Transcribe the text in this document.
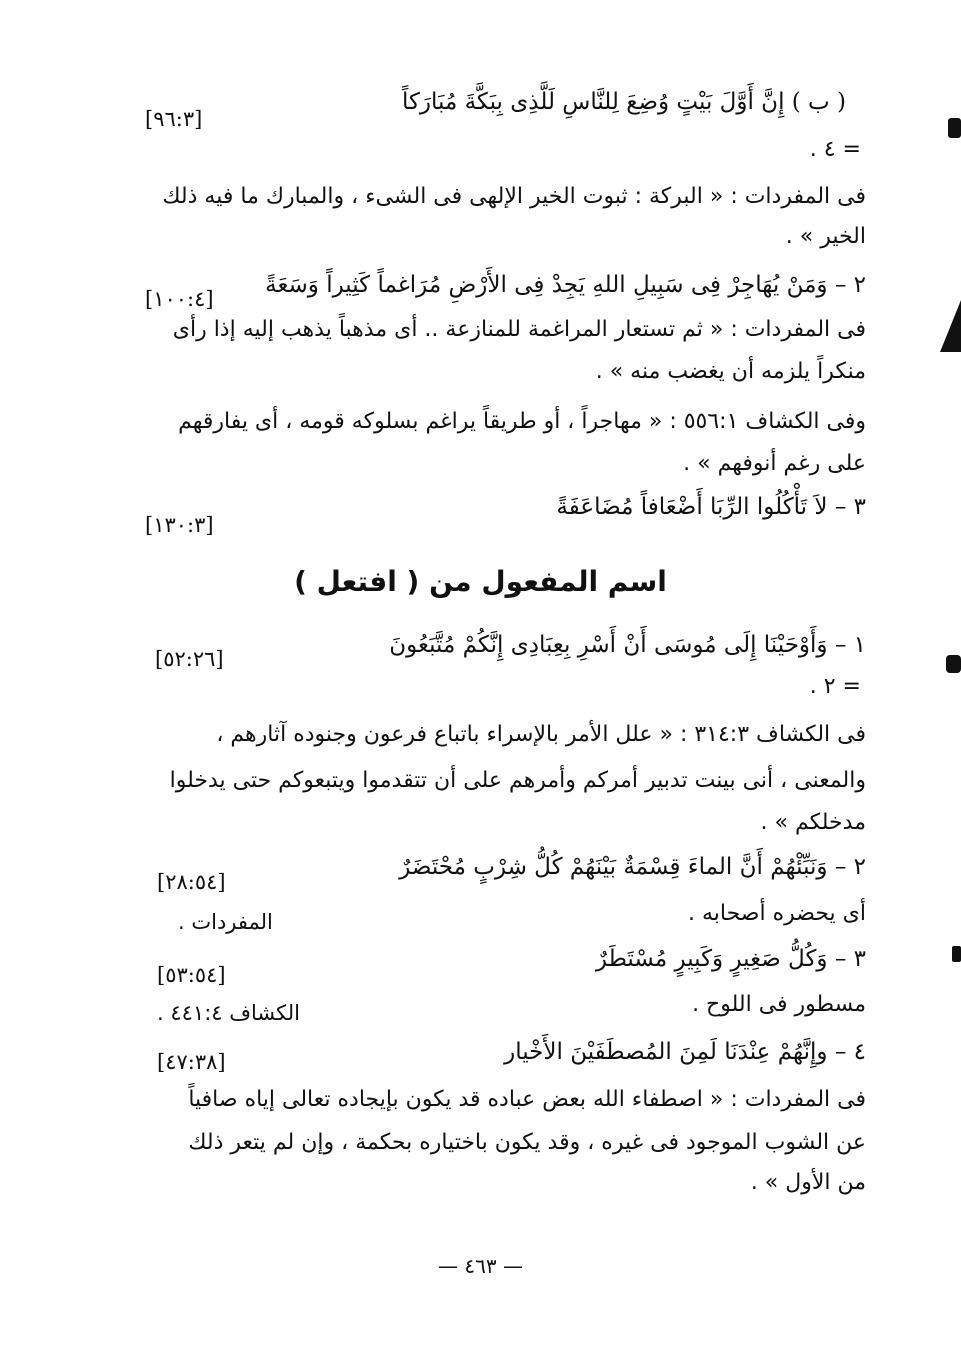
( ب ) إِنَّ أَوَّلَ بَيْتٍ وُضِعَ لِلنَّاسِ لَلَّذِى بِبَكَّةَ مُبَارَكاً
[٩٦:٣]
= ٤ .
فى المفردات : « البركة : ثبوت الخير الإلهى فى الشىء ، والمبارك ما فيه ذلك
الخير » .
٢ – وَمَنْ يُهَاجِرْ فِى سَبِيلِ اللهِ يَجِدْ فِى الأَرْضِ مُرَاغماً كَثِيراً وَسَعَةً
[١٠٠:٤]
فى المفردات : « ثم تستعار المراغمة للمنازعة .. أى مذهباً يذهب إليه إذا رأى
منكراً يلزمه أن يغضب منه » .
وفى الكشاف ٥٥٦:١ : « مهاجراً ، أو طريقاً يراغم بسلوكه قومه ، أى يفارقهم
على رغم أنوفهم » .
٣ – لاَ تَأْكُلُوا الرِّبَا أَضْعَافاً مُضَاعَفَةً
[١٣٠:٣]
اسم المفعول من ( افتعل )
١ – وَأَوْحَيْنَا إِلَى مُوسَى أَنْ أَسْرِ بِعِبَادِى إِنَّكُمْ مُتَّبَعُونَ
[٥٢:٢٦]
= ٢ .
فى الكشاف ٣١٤:٣ : « علل الأمر بالإسراء باتباع فرعون وجنوده آثارهم ،
والمعنى ، أنى بينت تدبير أمركم وأمرهم على أن تتقدموا ويتبعوكم حتى يدخلوا
مدخلكم » .
٢ – وَنَبِّئْهُمْ أَنَّ الماءَ قِسْمَةٌ بَيْنَهُمْ كُلُّ شِرْبٍ مُحْتَضَرٌ
[٢٨:٥٤]
أى يحضره أصحابه .
المفردات .
٣ – وَكُلُّ صَغِيرٍ وَكَبِيرٍ مُسْتَطَرٌ
[٥٣:٥٤]
مسطور فى اللوح .
الكشاف ٤٤١:٤ .
٤ – وإِنَّهُمْ عِنْدَنَا لَمِنَ المُصطَفَيْنَ الأَخْيار
[٤٧:٣٨]
فى المفردات : « اصطفاء الله بعض عباده قد يكون بإيجاده تعالى إياه صافياً
عن الشوب الموجود فى غيره ، وقد يكون باختياره بحكمة ، وإن لم يتعر ذلك
من الأول » .
— ٤٦٣ —
